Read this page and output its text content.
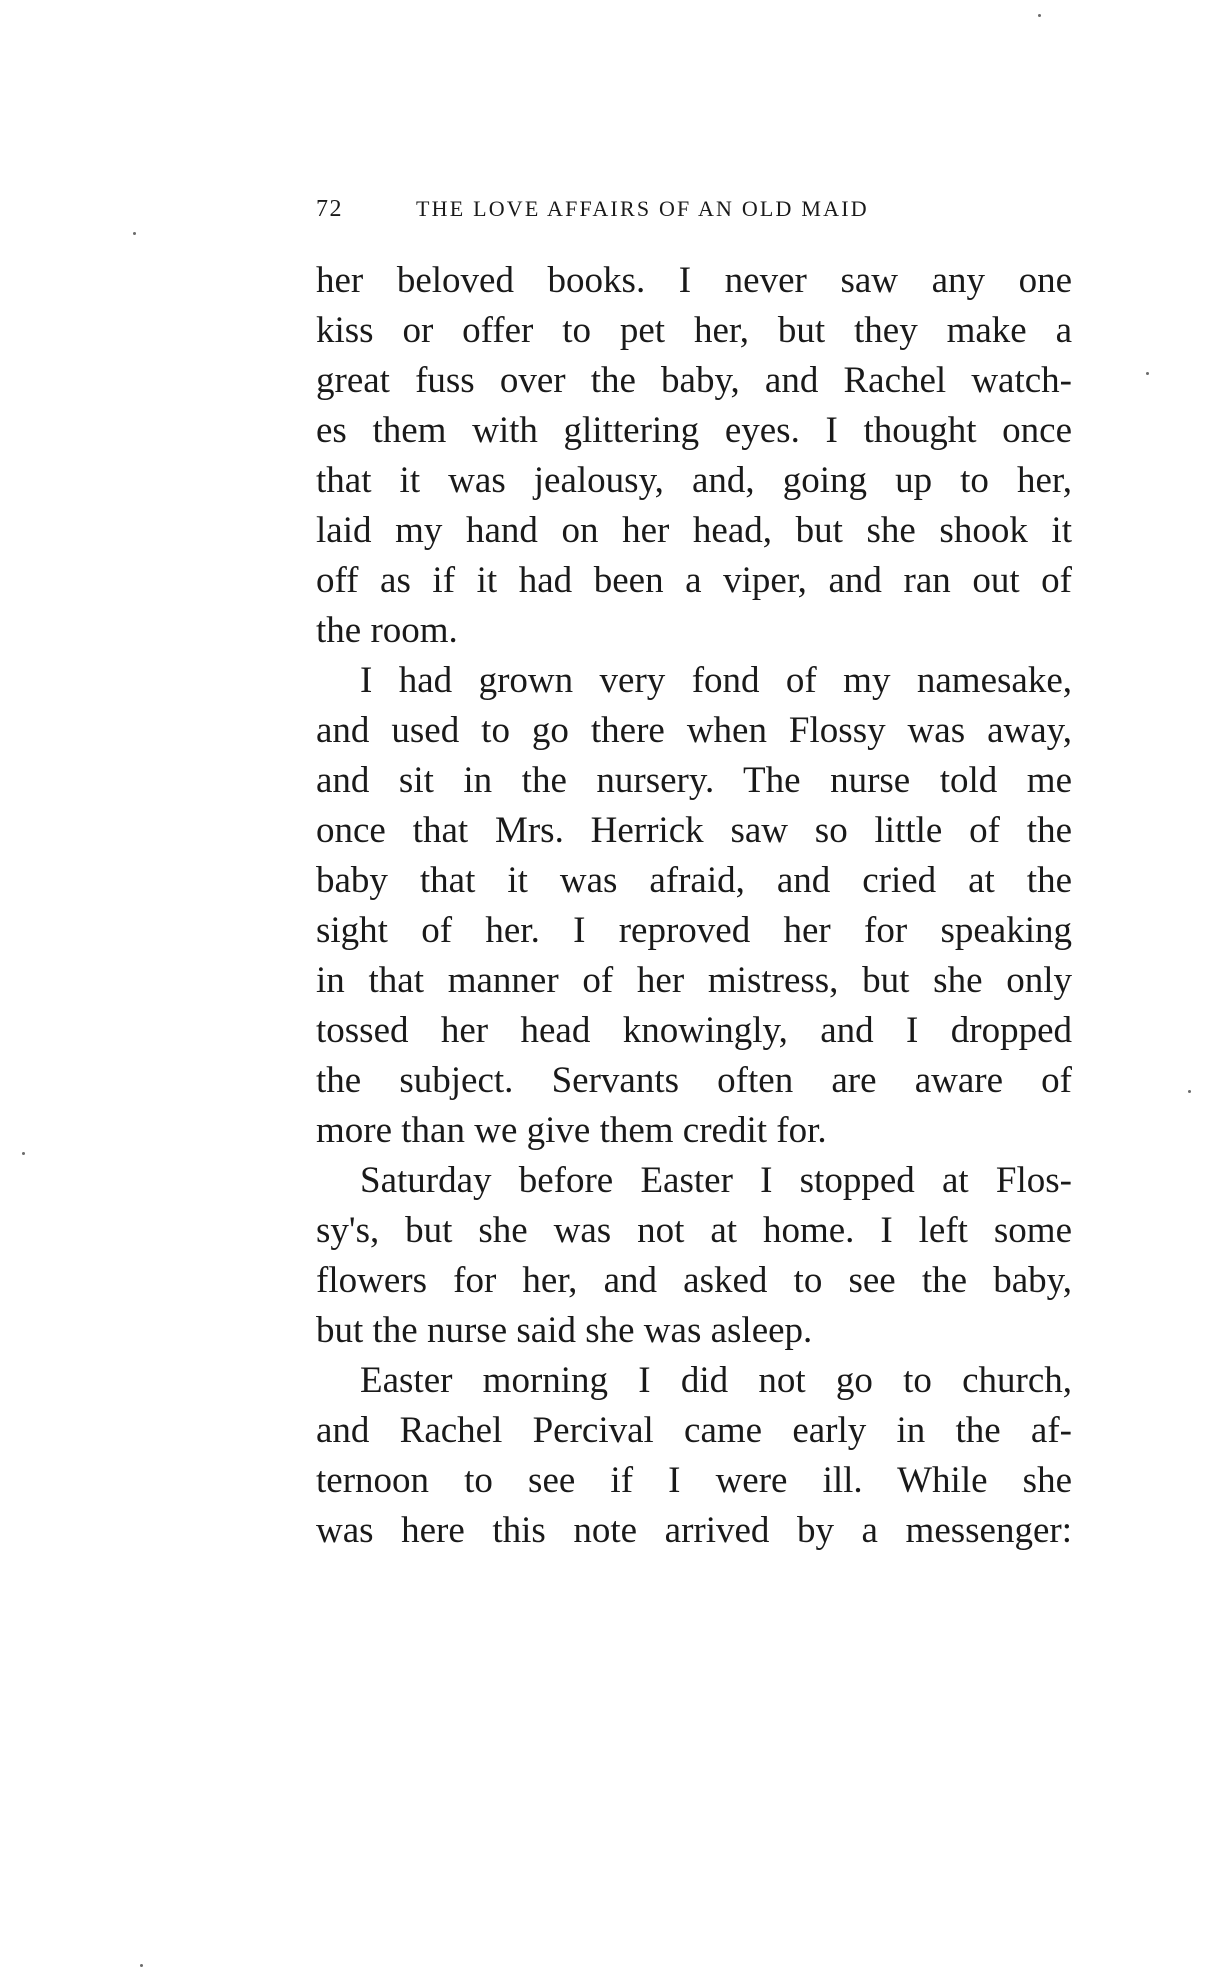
72	THE LOVE AFFAIRS OF AN OLD MAID
her beloved books. I never saw any one
kiss or offer to pet her, but they make a
great fuss over the baby, and Rachel watch-
es them with glittering eyes. I thought once
that it was jealousy, and, going up to her,
laid my hand on her head, but she shook it
off as if it had been a viper, and ran out of
the room.
I had grown very fond of my namesake,
and used to go there when Flossy was away,
and sit in the nursery. The nurse told me
once that Mrs. Herrick saw so little of the
baby that it was afraid, and cried at the
sight of her. I reproved her for speaking
in that manner of her mistress, but she only
tossed her head knowingly, and I dropped
the subject. Servants often are aware of
more than we give them credit for.
Saturday before Easter I stopped at Flos-
sy's, but she was not at home. I left some
flowers for her, and asked to see the baby,
but the nurse said she was asleep.
Easter morning I did not go to church,
and Rachel Percival came early in the af-
ternoon to see if I were ill. While she
was here this note arrived by a messenger:
